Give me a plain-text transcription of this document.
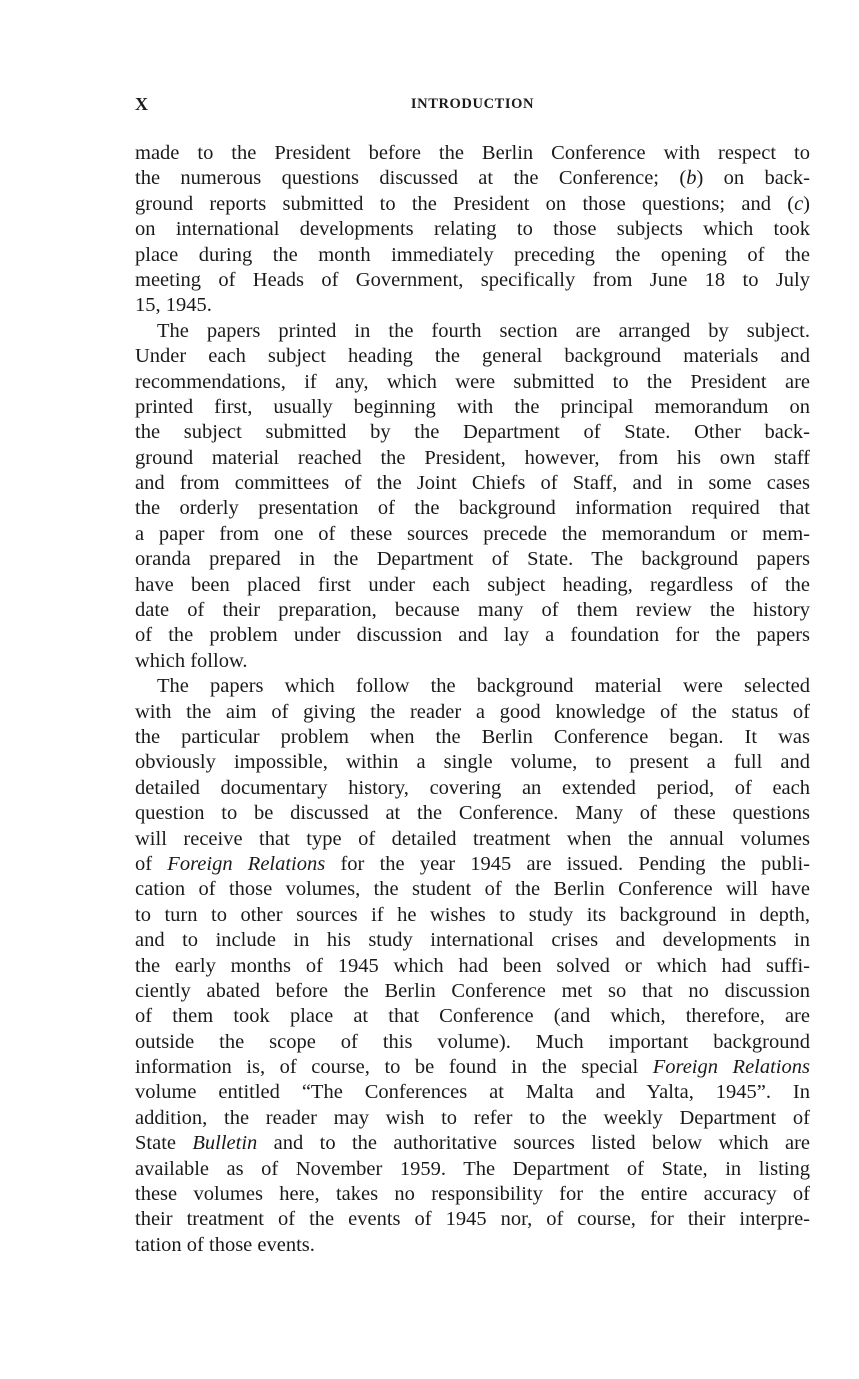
X	INTRODUCTION
made to the President before the Berlin Conference with respect to
the numerous questions discussed at the Conference; (b) on back-
ground reports submitted to the President on those questions; and (c)
on international developments relating to those subjects which took
place during the month immediately preceding the opening of the
meeting of Heads of Government, specifically from June 18 to July
15, 1945.
The papers printed in the fourth section are arranged by subject.
Under each subject heading the general background materials and
recommendations, if any, which were submitted to the President are
printed first, usually beginning with the principal memorandum on
the subject submitted by the Department of State. Other back-
ground material reached the President, however, from his own staff
and from committees of the Joint Chiefs of Staff, and in some cases
the orderly presentation of the background information required that
a paper from one of these sources precede the memorandum or mem-
oranda prepared in the Department of State. The background papers
have been placed first under each subject heading, regardless of the
date of their preparation, because many of them review the history
of the problem under discussion and lay a foundation for the papers
which follow.
The papers which follow the background material were selected
with the aim of giving the reader a good knowledge of the status of
the particular problem when the Berlin Conference began. It was
obviously impossible, within a single volume, to present a full and
detailed documentary history, covering an extended period, of each
question to be discussed at the Conference. Many of these questions
will receive that type of detailed treatment when the annual volumes
of Foreign Relations for the year 1945 are issued. Pending the publi-
cation of those volumes, the student of the Berlin Conference will have
to turn to other sources if he wishes to study its background in depth,
and to include in his study international crises and developments in
the early months of 1945 which had been solved or which had suffi-
ciently abated before the Berlin Conference met so that no discussion
of them took place at that Conference (and which, therefore, are
outside the scope of this volume). Much important background
information is, of course, to be found in the special Foreign Relations
volume entitled “The Conferences at Malta and Yalta, 1945”. In
addition, the reader may wish to refer to the weekly Department of
State Bulletin and to the authoritative sources listed below which are
available as of November 1959. The Department of State, in listing
these volumes here, takes no responsibility for the entire accuracy of
their treatment of the events of 1945 nor, of course, for their interpre-
tation of those events.
